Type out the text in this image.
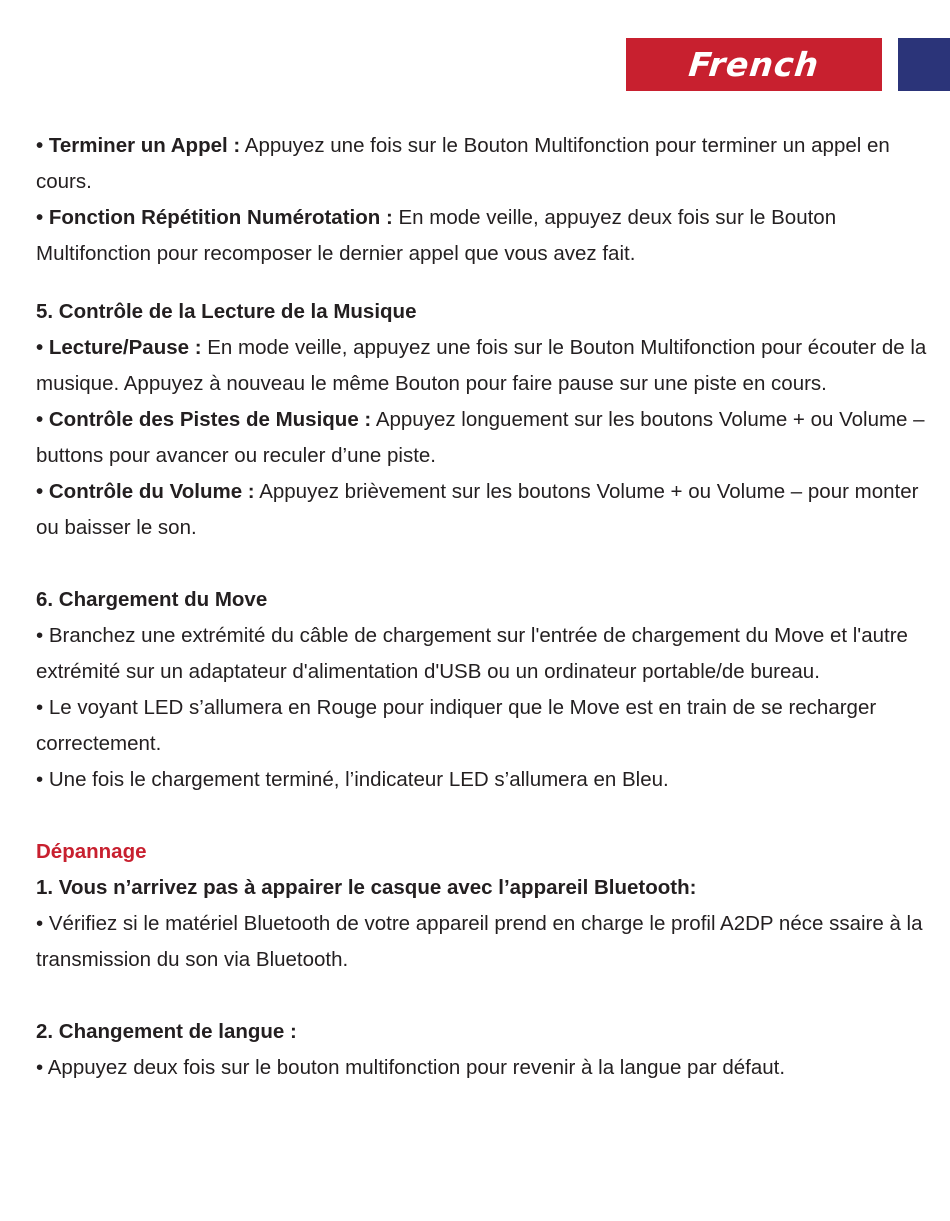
French

• Terminer un Appel : Appuyez une fois sur le Bouton Multifonction pour terminer un appel en cours.

• Fonction Répétition Numérotation : En mode veille, appuyez deux fois sur le Bouton Multifonction pour recomposer le dernier appel que vous avez fait.

5. Contrôle de la Lecture de la Musique

• Lecture/Pause : En mode veille, appuyez une fois sur le Bouton Multifonction pour écouter de la musique. Appuyez à nouveau le même Bouton pour faire pause sur une piste en cours.

• Contrôle des Pistes de Musique : Appuyez longuement sur les boutons Volume + ou Volume – buttons pour avancer ou reculer d’une piste.

• Contrôle du Volume : Appuyez brièvement sur les boutons Volume + ou Volume – pour monter ou baisser le son.

6. Chargement du Move

• Branchez une extrémité du câble de chargement sur l'entrée de chargement du Move et l'autre extrémité sur un adaptateur d'alimentation d'USB ou un ordinateur portable/de bureau.

• Le voyant LED s’allumera en Rouge pour indiquer que le Move est en train de se recharger correctement.

• Une fois le chargement terminé, l’indicateur LED s’allumera en Bleu.

Dépannage

1. Vous n’arrivez pas à appairer le casque avec l’appareil Bluetooth:

• Vérifiez si le matériel Bluetooth de votre appareil prend en charge le profil A2DP néce ssaire à la transmission du son via Bluetooth.

2. Changement de langue :

• Appuyez deux fois sur le bouton multifonction pour revenir à la langue par défaut.
